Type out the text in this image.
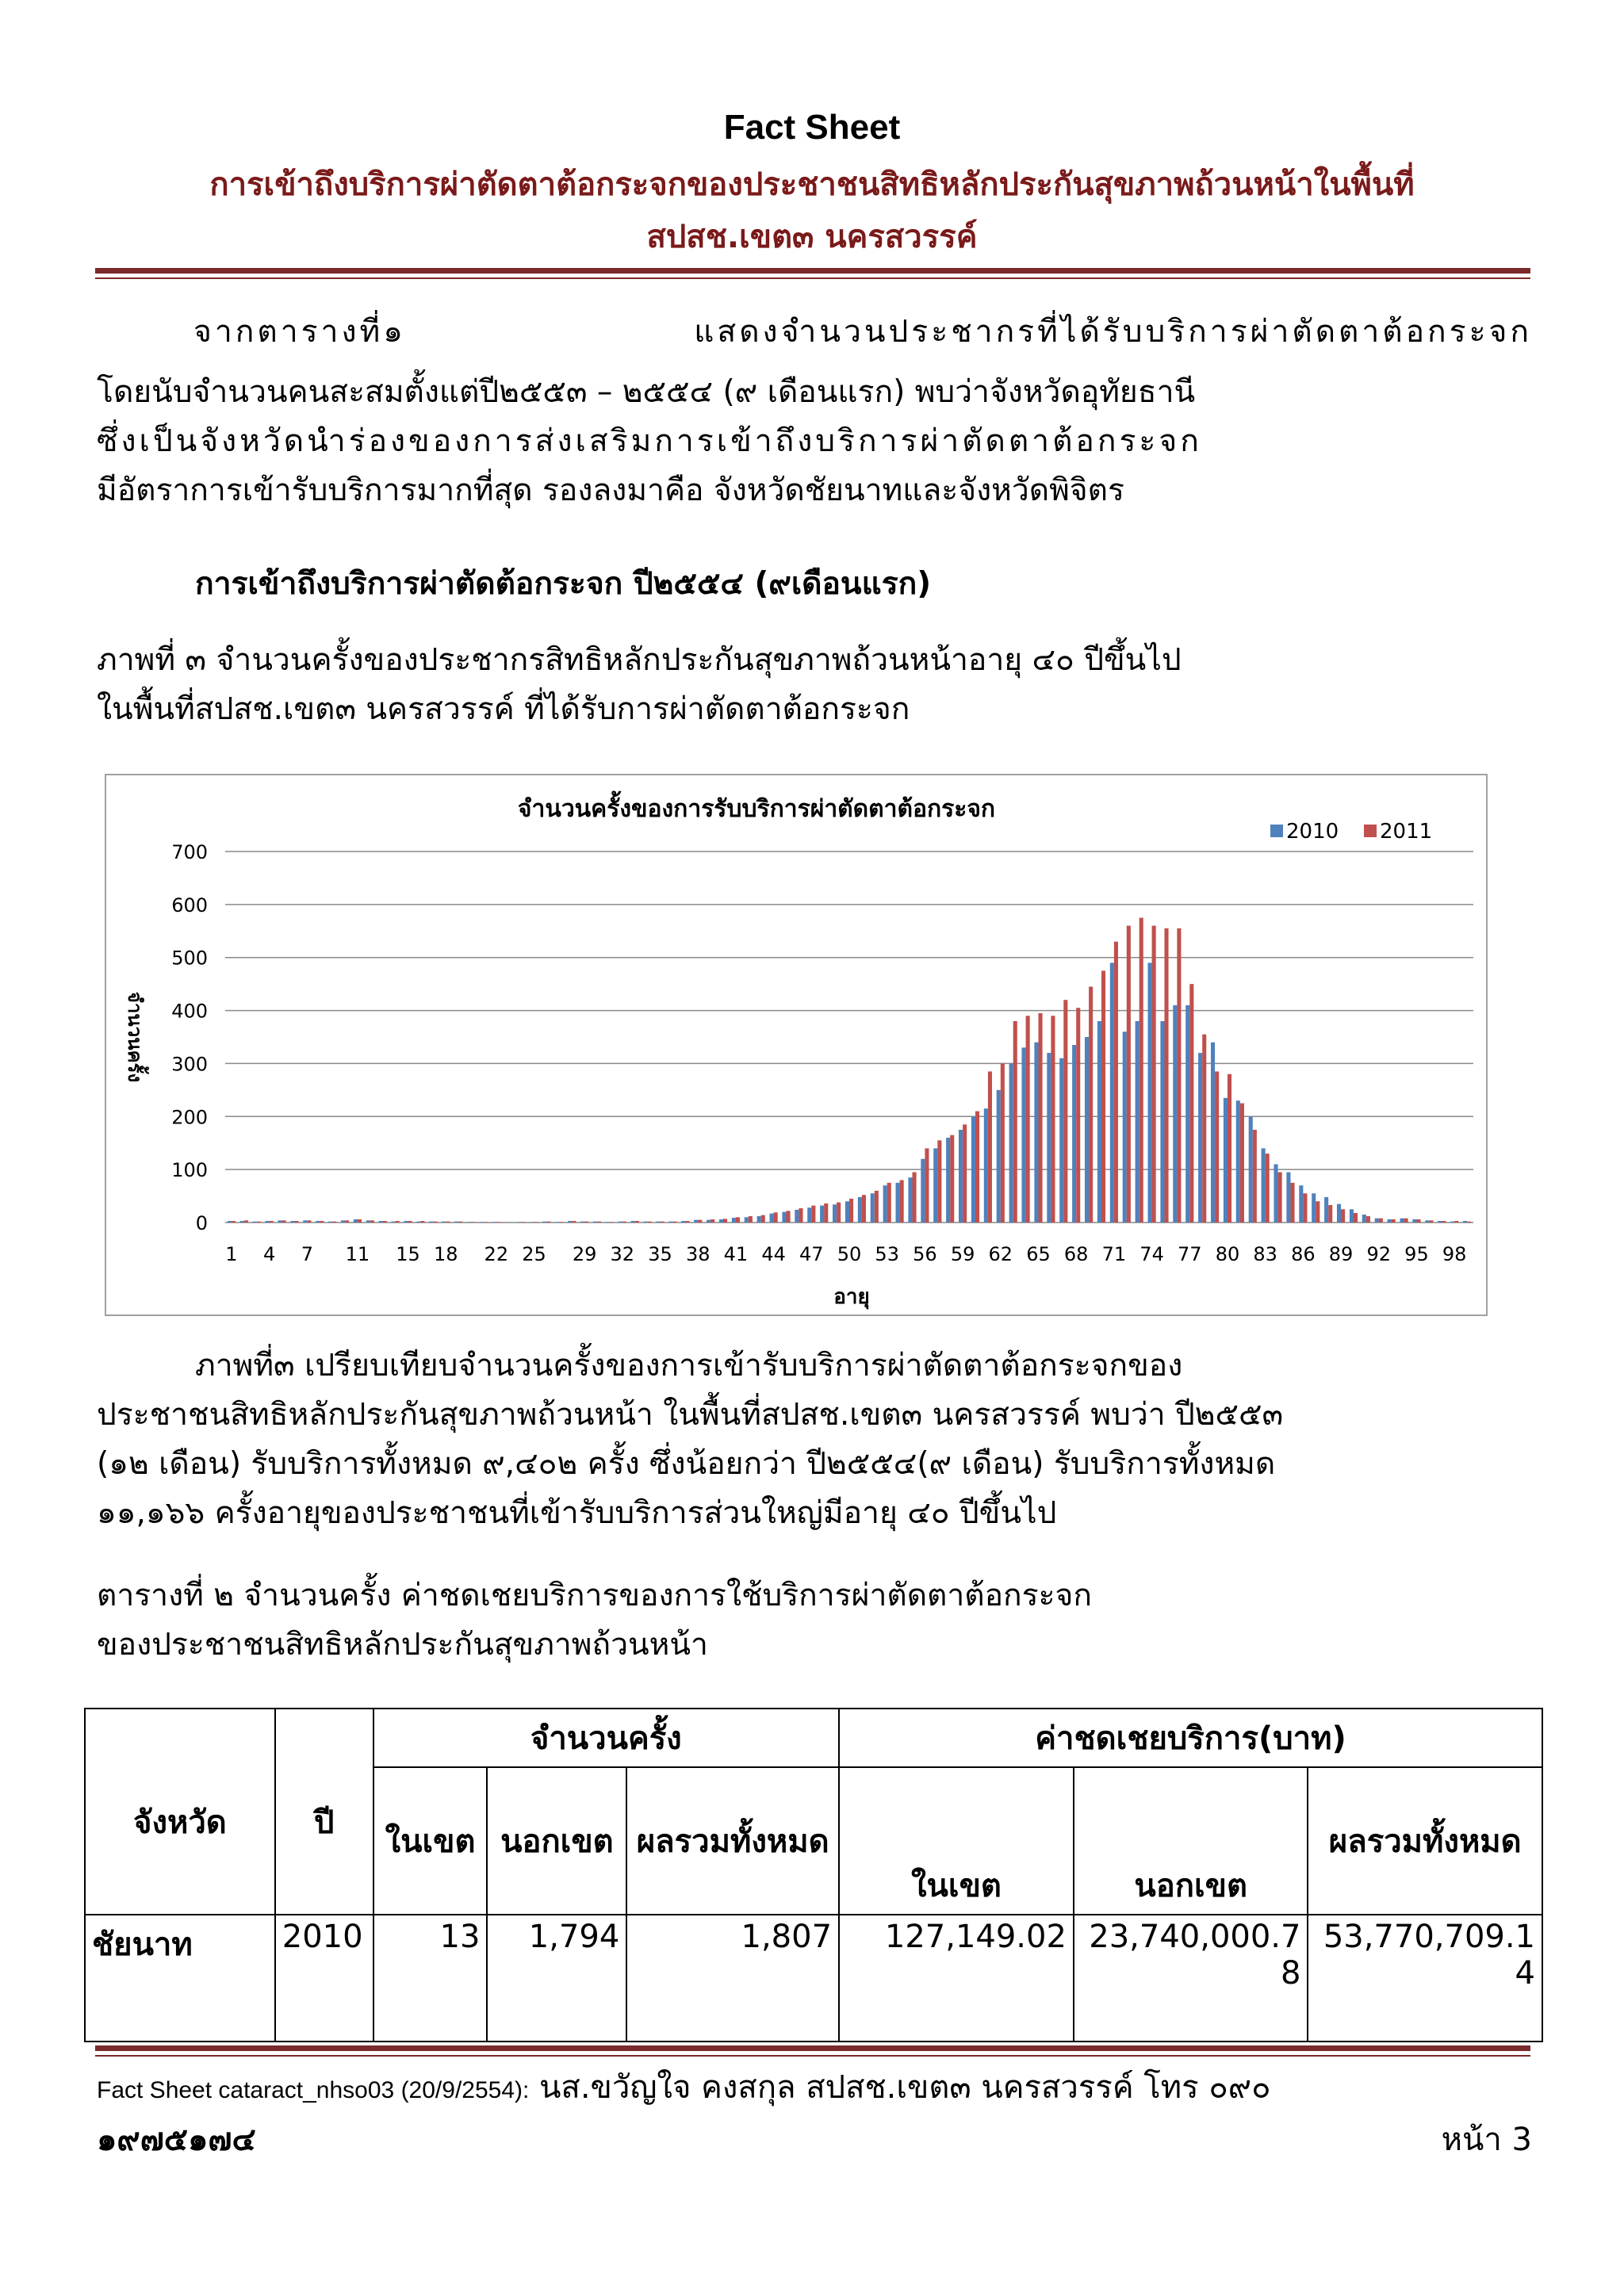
Fact Sheet
การเข้าถึงบริการผ่าตัดตาต้อกระจกของประชาชนสิทธิหลักประกันสุขภาพถ้วนหน้าในพื้นที่
สปสช.เขต๓ นครสวรรค์

จากตารางที่๑ แสดงจำนวนประชากรที่ได้รับบริการผ่าตัดตาต้อกระจก

โดยนับจำนวนคนสะสมตั้งแต่ปี๒๕๕๓ – ๒๕๕๔ (๙ เดือนแรก) พบว่าจังหวัดอุทัยธานี

ซึ่งเป็นจังหวัดนำร่องของการส่งเสริมการเข้าถึงบริการผ่าตัดตาต้อกระจก

มีอัตราการเข้ารับบริการมากที่สุด รองลงมาคือ จังหวัดชัยนาทและจังหวัดพิจิตร

การเข้าถึงบริการผ่าตัดต้อกระจก ปี๒๕๕๔ (๙เดือนแรก)

ภาพที่ ๓ จำนวนครั้งของประชากรสิทธิหลักประกันสุขภาพถ้วนหน้าอายุ ๔๐ ปีขึ้นไป

ในพื้นที่สปสช.เขต๓ นครสวรรค์ ที่ได้รับการผ่าตัดตาต้อกระจก

0
100
200
300
400
500
600
700
1 4 7 11 15 18 22 25 29 32 35 38 41 44 47 50 53 56 59 62 65 68 71 74 77 80 83 86 89 92 95 98
จำนวนครั้งของการรับบริการผ่าตัดตาต้อกระจก
2010 2011
อายุ
จำนวนครั้ง

ภาพที่๓ เปรียบเทียบจำนวนครั้งของการเข้ารับบริการผ่าตัดตาต้อกระจกของ

ประชาชนสิทธิหลักประกันสุขภาพถ้วนหน้า ในพื้นที่สปสช.เขต๓ นครสวรรค์ พบว่า ปี๒๕๕๓

(๑๒ เดือน) รับบริการทั้งหมด ๙,๔๐๒ ครั้ง ซึ่งน้อยกว่า ปี๒๕๕๔(๙ เดือน) รับบริการทั้งหมด

๑๑,๑๖๖ ครั้งอายุของประชาชนที่เข้ารับบริการส่วนใหญ่มีอายุ ๔๐ ปีขึ้นไป

ตารางที่ ๒ จำนวนครั้ง ค่าชดเชยบริการของการใช้บริการผ่าตัดตาต้อกระจก

ของประชาชนสิทธิหลักประกันสุขภาพถ้วนหน้า

จังหวัด	ปี	จำนวนครั้ง			ค่าชดเชยบริการ(บาท)		
		ในเขต	นอกเขต	ผลรวมทั้งหมด	ในเขต	นอกเขต	ผลรวมทั้งหมด
ชัยนาท	2010	13	1,794	1,807	127,149.02	23,740,000.78	53,770,709.14
Fact Sheet cataract_nhso03 (20/9/2554): นส.ขวัญใจ คงสกุล สปสช.เขต๓ นครสวรรค์ โทร ๐๙๐
๑๙๗๕๑๗๔	หน้า 3
